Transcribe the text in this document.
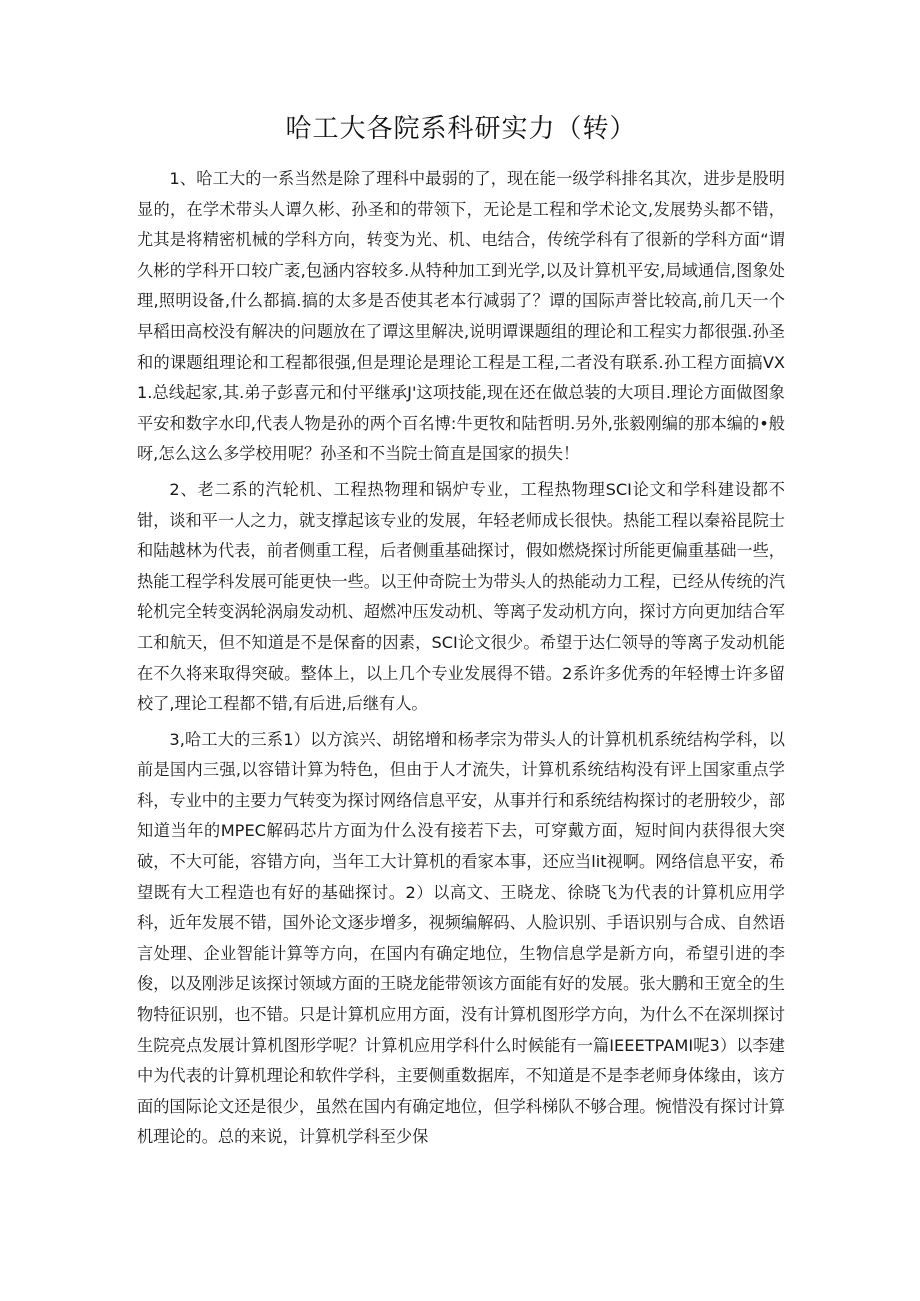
哈工大各院系科研实力（转）

1、哈工大的一系当然是除了理科中最弱的了，现在能一级学科排名其次，进步是股明显的，在学术带头人谭久彬、孙圣和的带领下，无论是工程和学术论文,发展势头都不错，尤其是将精密机械的学科方向，转变为光、机、电结合，传统学科有了很新的学科方面“谓久彬的学科开口较广袤,包涵内容较多.从特种加工到光学,以及计算机平安,局域通信,图象处理,照明设备,什么都搞.搞的太多是否使其老本行减弱了？谭的国际声誉比较高,前几天一个早稻田高校没有解决的问题放在了谭这里解决,说明谭课题组的理论和工程实力都很强.孙圣和的课题组理论和工程都很强,但是理论是理论工程是工程,二者没有联系.孙工程方面搞VX1.总线起家,其.弟子彭喜元和付平继承J'这项技能,现在还在做总装的大项目.理论方面做图象平安和数字水印,代表人物是孙的两个百名博:牛更牧和陆哲明.另外,张毅刚编的那本编的•般呀,怎么这么多学校用呢？孙圣和不当院士简直是国家的损失！

2、老二系的汽轮机、工程热物理和锅炉专业，工程热物理SCI论文和学科建设都不钳，谈和平一人之力，就支撑起该专业的发展，年轻老师成长很快。热能工程以秦裕昆院士和陆越林为代表，前者侧重工程，后者侧重基础探讨，假如燃烧探讨所能更偏重基础一些，热能工程学科发展可能更快一些。以王仲奇院士为带头人的热能动力工程，已经从传统的汽轮机完全转变涡轮涡扇发动机、超燃冲压发动机、等离子发动机方向，探讨方向更加结合军工和航天，但不知道是不是保畜的因素，SCI论文很少。希望于达仁领导的等离子发动机能在不久将来取得突破。整体上，以上几个专业发展得不错。2系许多优秀的年轻博士许多留校了,理论工程都不错,有后进,后继有人。

3,哈工大的三系1）以方滨兴、胡铭增和杨孝宗为带头人的计算机机系统结构学科，以前是国内三强,以容错计算为特色，但由于人才流失，计算机系统结构没有评上国家重点学科，专业中的主要力气转变为探讨网络信息平安，从事并行和系统结构探讨的老册较少，部知道当年的MPEC解码芯片方面为什么没有接若下去，可穿戴方面，短时间内获得很大突破，不大可能，容错方向，当年工大计算机的看家本事，还应当lit视啊。网络信息平安，希望既有大工程造也有好的基础探讨。2）以高文、王晓龙、徐晓飞为代表的计算机应用学科，近年发展不错，国外论文逐步增多，视频编解码、人脸识别、手语识别与合成、自然语言处理、企业智能计算等方向，在国内有确定地位，生物信息学是新方向，希望引进的李俊，以及刚涉足该探讨领域方面的王晓龙能带领该方面能有好的发展。张大鹏和王宽全的生物特征识别，也不错。只是计算机应用方面，没有计算机图形学方向，为什么不在深圳探讨生院亮点发展计算机图形学呢？计算机应用学科什么时候能有一篇IEEETPAMI呢3）以李建中为代表的计算机理论和软件学科，主要侧重数据库，不知道是不是李老师身体缘由，该方面的国际论文还是很少，虽然在国内有确定地位，但学科梯队不够合理。惋惜没有探讨计算机理论的。总的来说，计算机学科至少保
